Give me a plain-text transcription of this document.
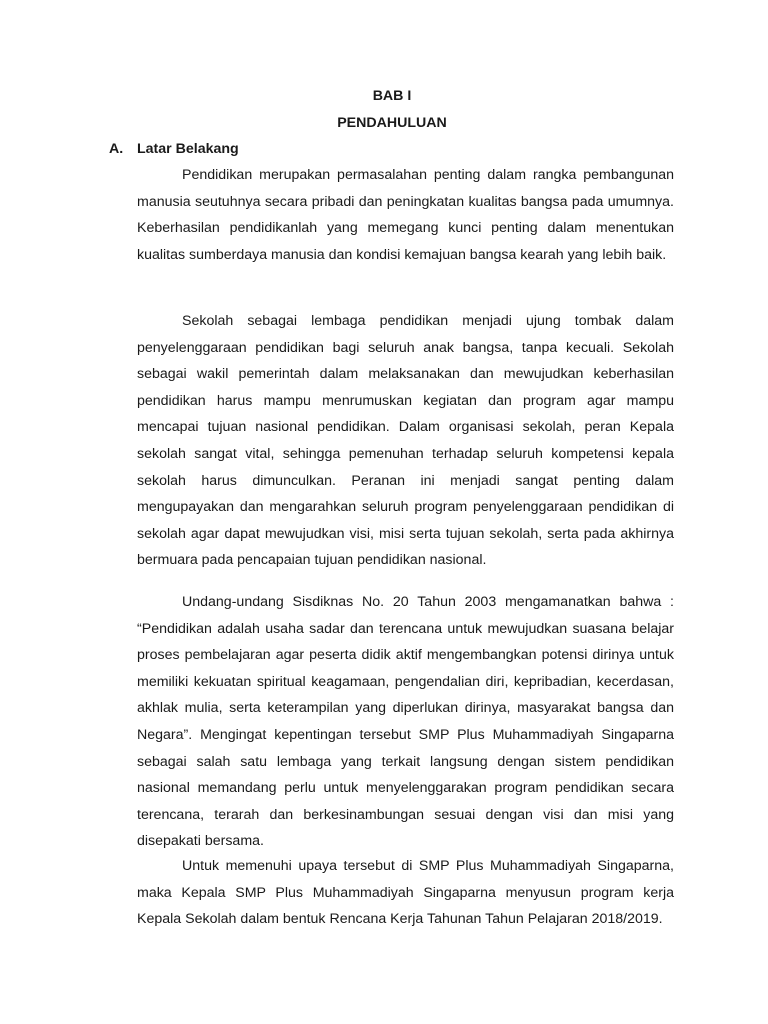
BAB I
PENDAHULUAN
A. Latar Belakang

Pendidikan merupakan permasalahan penting dalam rangka pembangunan manusia seutuhnya secara pribadi dan peningkatan kualitas bangsa pada umumnya. Keberhasilan pendidikanlah yang memegang kunci penting dalam menentukan kualitas sumberdaya manusia dan kondisi kemajuan bangsa kearah yang lebih baik.

Sekolah sebagai lembaga pendidikan menjadi ujung tombak dalam penyelenggaraan pendidikan bagi seluruh anak bangsa, tanpa kecuali. Sekolah sebagai wakil pemerintah dalam melaksanakan dan mewujudkan keberhasilan pendidikan harus mampu menrumuskan kegiatan dan program agar mampu mencapai tujuan nasional pendidikan. Dalam organisasi sekolah, peran Kepala sekolah sangat vital, sehingga pemenuhan terhadap seluruh kompetensi kepala sekolah harus dimunculkan. Peranan ini menjadi sangat penting dalam mengupayakan dan mengarahkan seluruh program penyelenggaraan pendidikan di sekolah agar dapat mewujudkan visi, misi serta tujuan sekolah, serta pada akhirnya bermuara pada pencapaian tujuan pendidikan nasional.

Undang-undang Sisdiknas No. 20 Tahun 2003 mengamanatkan bahwa : “Pendidikan adalah usaha sadar dan terencana untuk mewujudkan suasana belajar proses pembelajaran agar peserta didik aktif mengembangkan potensi dirinya untuk memiliki kekuatan spiritual keagamaan, pengendalian diri, kepribadian, kecerdasan, akhlak mulia, serta keterampilan yang diperlukan dirinya, masyarakat bangsa dan Negara”. Mengingat kepentingan tersebut SMP Plus Muhammadiyah Singaparna sebagai salah satu lembaga yang terkait langsung dengan sistem pendidikan nasional memandang perlu untuk menyelenggarakan program pendidikan secara terencana, terarah dan berkesinambungan sesuai dengan visi dan misi yang disepakati bersama.

Untuk memenuhi upaya tersebut di SMP Plus Muhammadiyah Singaparna, maka Kepala SMP Plus Muhammadiyah Singaparna menyusun program kerja Kepala Sekolah dalam bentuk Rencana Kerja Tahunan Tahun Pelajaran 2018/2019.
